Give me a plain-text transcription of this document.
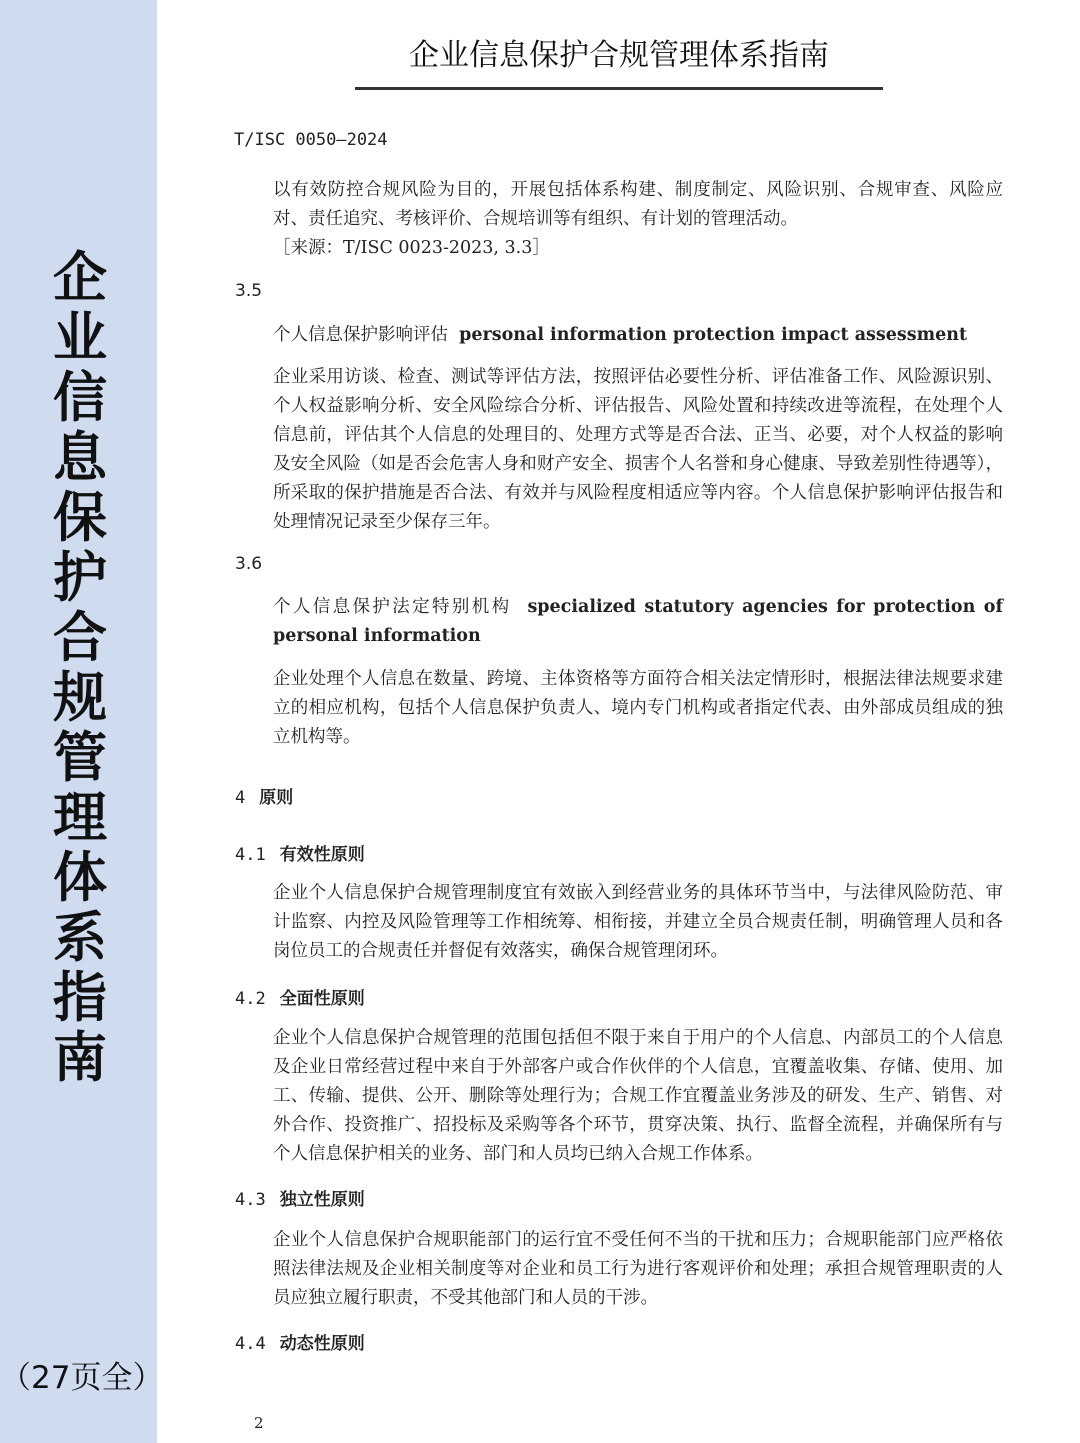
企
业
信
息
保
护
合
规
管
理
体
系
指
南
（27页全）
企业信息保护合规管理体系指南
T/ISC 0050—2024
以有效防控合规风险为目的，开展包括体系构建、制度制定、风险识别、合规审查、风险应对、责任追究、考核评价、合规培训等有组织、有计划的管理活动。
［来源：T/ISC 0023-2023, 3.3］
3.5
个人信息保护影响评估 personal information protection impact assessment
企业采用访谈、检查、测试等评估方法，按照评估必要性分析、评估准备工作、风险源识别、个人权益影响分析、安全风险综合分析、评估报告、风险处置和持续改进等流程，在处理个人信息前，评估其个人信息的处理目的、处理方式等是否合法、正当、必要，对个人权益的影响及安全风险（如是否会危害人身和财产安全、损害个人名誉和身心健康、导致差别性待遇等），所采取的保护措施是否合法、有效并与风险程度相适应等内容。个人信息保护影响评估报告和处理情况记录至少保存三年。
3.6
个人信息保护法定特别机构 specialized statutory agencies for protection of personal information
企业处理个人信息在数量、跨境、主体资格等方面符合相关法定情形时，根据法律法规要求建立的相应机构，包括个人信息保护负责人、境内专门机构或者指定代表、由外部成员组成的独立机构等。
4 原则
4.1 有效性原则
企业个人信息保护合规管理制度宜有效嵌入到经营业务的具体环节当中，与法律风险防范、审计监察、内控及风险管理等工作相统筹、相衔接，并建立全员合规责任制，明确管理人员和各岗位员工的合规责任并督促有效落实，确保合规管理闭环。
4.2 全面性原则
企业个人信息保护合规管理的范围包括但不限于来自于用户的个人信息、内部员工的个人信息及企业日常经营过程中来自于外部客户或合作伙伴的个人信息，宜覆盖收集、存储、使用、加工、传输、提供、公开、删除等处理行为；合规工作宜覆盖业务涉及的研发、生产、销售、对外合作、投资推广、招投标及采购等各个环节，贯穿决策、执行、监督全流程，并确保所有与个人信息保护相关的业务、部门和人员均已纳入合规工作体系。
4.3 独立性原则
企业个人信息保护合规职能部门的运行宜不受任何不当的干扰和压力；合规职能部门应严格依照法律法规及企业相关制度等对企业和员工行为进行客观评价和处理；承担合规管理职责的人员应独立履行职责，不受其他部门和人员的干涉。
4.4 动态性原则
2
